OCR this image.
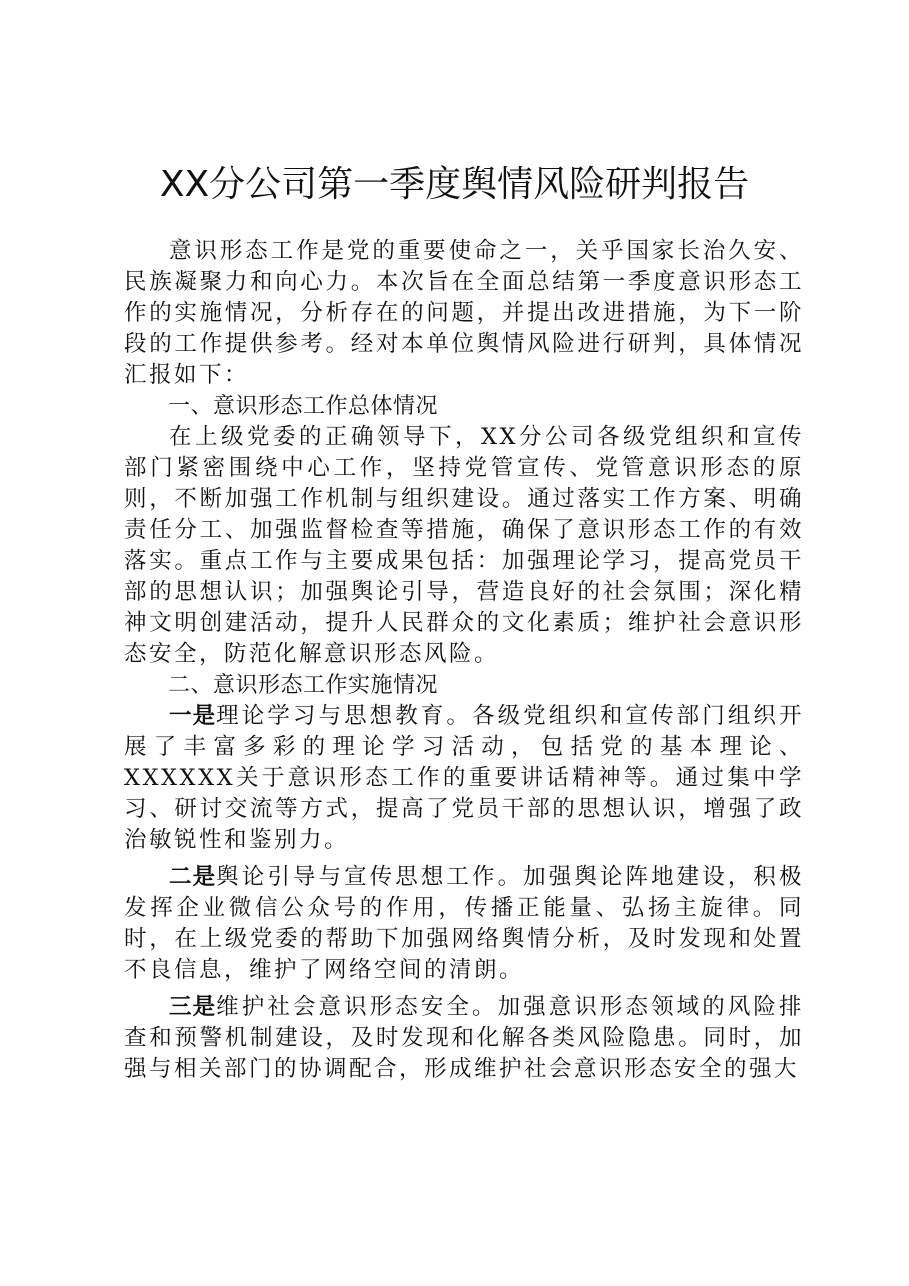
XX分公司第一季度舆情风险研判报告

意识形态工作是党的重要使命之一，关乎国家长治久安、民族凝聚力和向心力。本次旨在全面总结第一季度意识形态工作的实施情况，分析存在的问题，并提出改进措施，为下一阶段的工作提供参考。经对本单位舆情风险进行研判，具体情况汇报如下：

一、意识形态工作总体情况

在上级党委的正确领导下，XX分公司各级党组织和宣传部门紧密围绕中心工作，坚持党管宣传、党管意识形态的原则，不断加强工作机制与组织建设。通过落实工作方案、明确责任分工、加强监督检查等措施，确保了意识形态工作的有效落实。重点工作与主要成果包括：加强理论学习，提高党员干部的思想认识；加强舆论引导，营造良好的社会氛围；深化精神文明创建活动，提升人民群众的文化素质；维护社会意识形态安全，防范化解意识形态风险。

二、意识形态工作实施情况

一是理论学习与思想教育。各级党组织和宣传部门组织开展了丰富多彩的理论学习活动，包括党的基本理论、XXXXXX关于意识形态工作的重要讲话精神等。通过集中学习、研讨交流等方式，提高了党员干部的思想认识，增强了政治敏锐性和鉴别力。

二是舆论引导与宣传思想工作。加强舆论阵地建设，积极发挥企业微信公众号的作用，传播正能量、弘扬主旋律。同时，在上级党委的帮助下加强网络舆情分析，及时发现和处置不良信息，维护了网络空间的清朗。

三是维护社会意识形态安全。加强意识形态领域的风险排查和预警机制建设，及时发现和化解各类风险隐患。同时，加强与相关部门的协调配合，形成维护社会意识形态安全的强大
